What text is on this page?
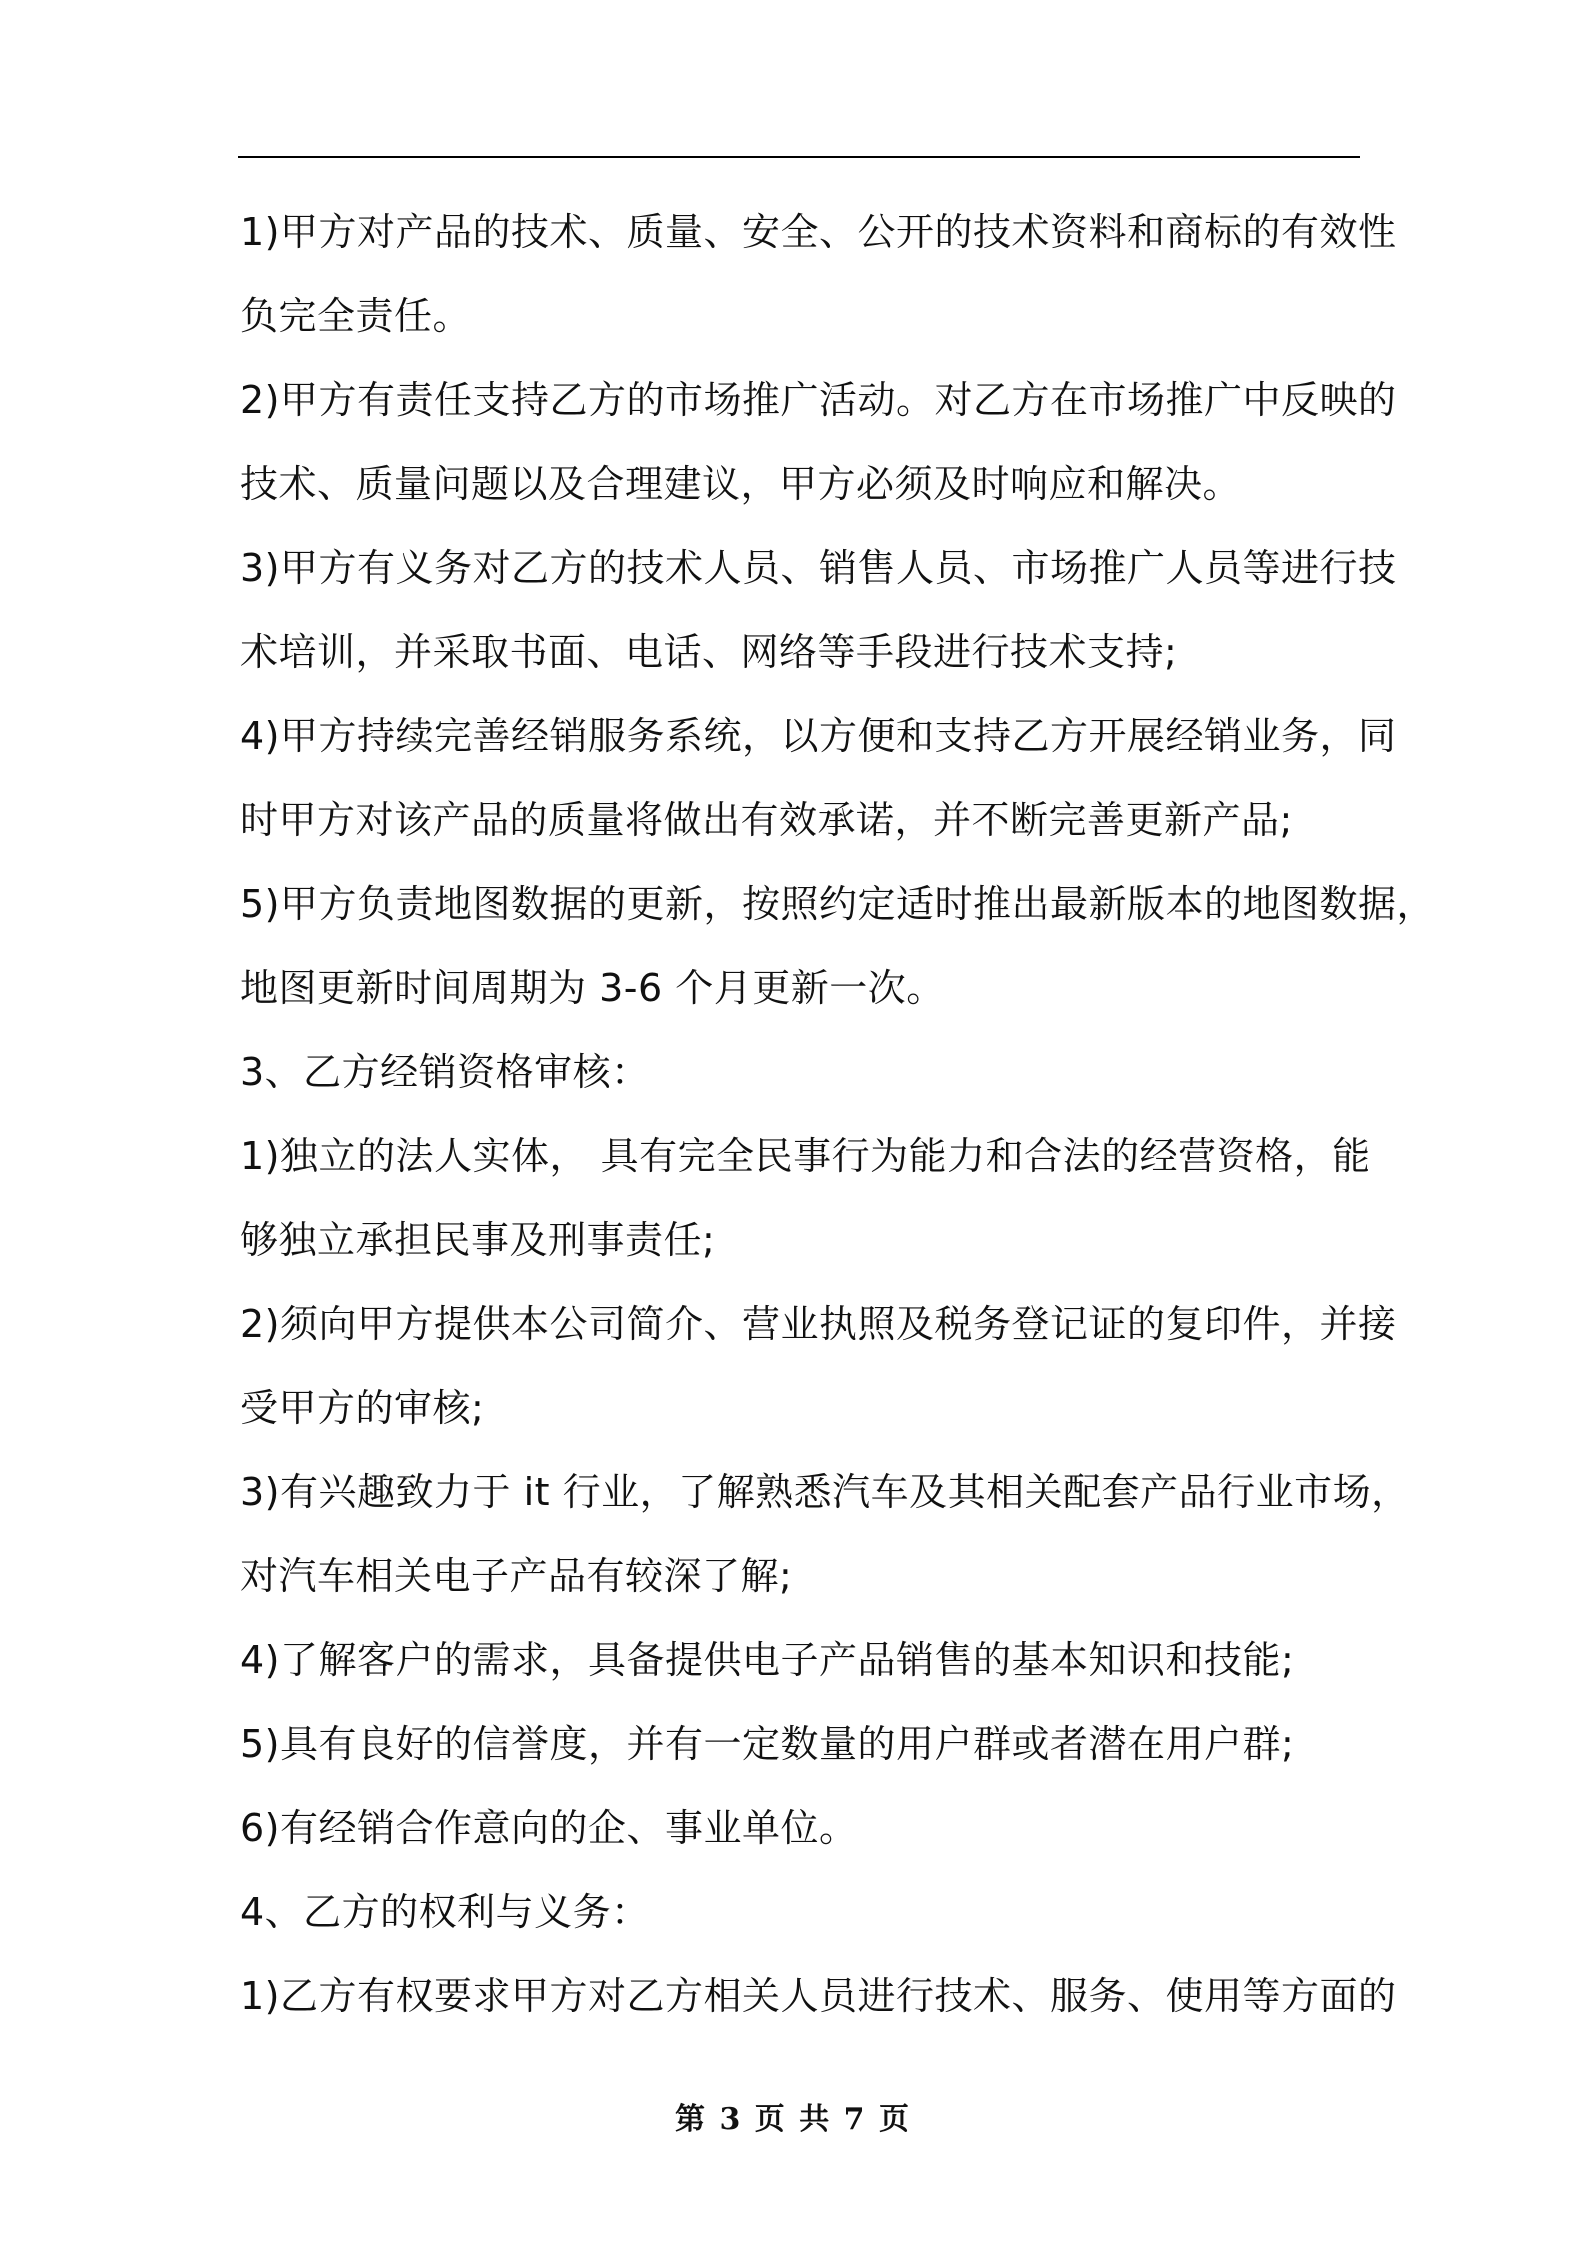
1)甲方对产品的技术、质量、安全、公开的技术资料和商标的有效性
负完全责任。

2)甲方有责任支持乙方的市场推广活动。对乙方在市场推广中反映的
技术、质量问题以及合理建议，甲方必须及时响应和解决。

3)甲方有义务对乙方的技术人员、销售人员、市场推广人员等进行技
术培训，并采取书面、电话、网络等手段进行技术支持;

4)甲方持续完善经销服务系统，以方便和支持乙方开展经销业务，同
时甲方对该产品的质量将做出有效承诺，并不断完善更新产品;

5)甲方负责地图数据的更新，按照约定适时推出最新版本的地图数据，
地图更新时间周期为 3-6 个月更新一次。

3、乙方经销资格审核：

1)独立的法人实体， 具有完全民事行为能力和合法的经营资格，能
够独立承担民事及刑事责任;

2)须向甲方提供本公司简介、营业执照及税务登记证的复印件，并接
受甲方的审核;

3)有兴趣致力于 it 行业，了解熟悉汽车及其相关配套产品行业市场，
对汽车相关电子产品有较深了解;

4)了解客户的需求，具备提供电子产品销售的基本知识和技能;

5)具有良好的信誉度，并有一定数量的用户群或者潜在用户群;

6)有经销合作意向的企、事业单位。

4、乙方的权利与义务：

1)乙方有权要求甲方对乙方相关人员进行技术、服务、使用等方面的

第 3 页 共 7 页
